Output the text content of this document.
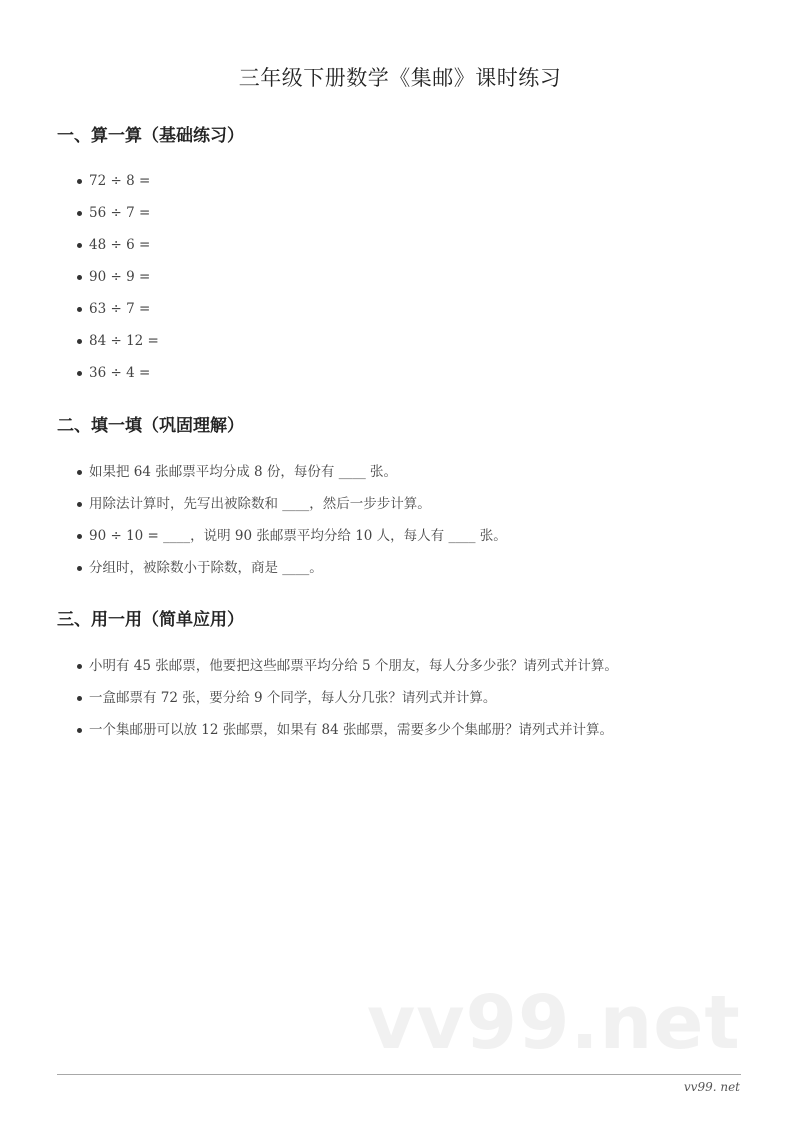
三年级下册数学《集邮》课时练习
一、算一算（基础练习）
72 ÷ 8 =
56 ÷ 7 =
48 ÷ 6 =
90 ÷ 9 =
63 ÷ 7 =
84 ÷ 12 =
36 ÷ 4 =
二、填一填（巩固理解）
如果把 64 张邮票平均分成 8 份，每份有 ____ 张。
用除法计算时，先写出被除数和 ____，然后一步步计算。
90 ÷ 10 = ____，说明 90 张邮票平均分给 10 人，每人有 ____ 张。
分组时，被除数小于除数，商是 ____。
三、用一用（简单应用）
小明有 45 张邮票，他要把这些邮票平均分给 5 个朋友，每人分多少张？请列式并计算。
一盒邮票有 72 张，要分给 9 个同学，每人分几张？请列式并计算。
一个集邮册可以放 12 张邮票，如果有 84 张邮票，需要多少个集邮册？请列式并计算。
vv99.net
vv99. net
